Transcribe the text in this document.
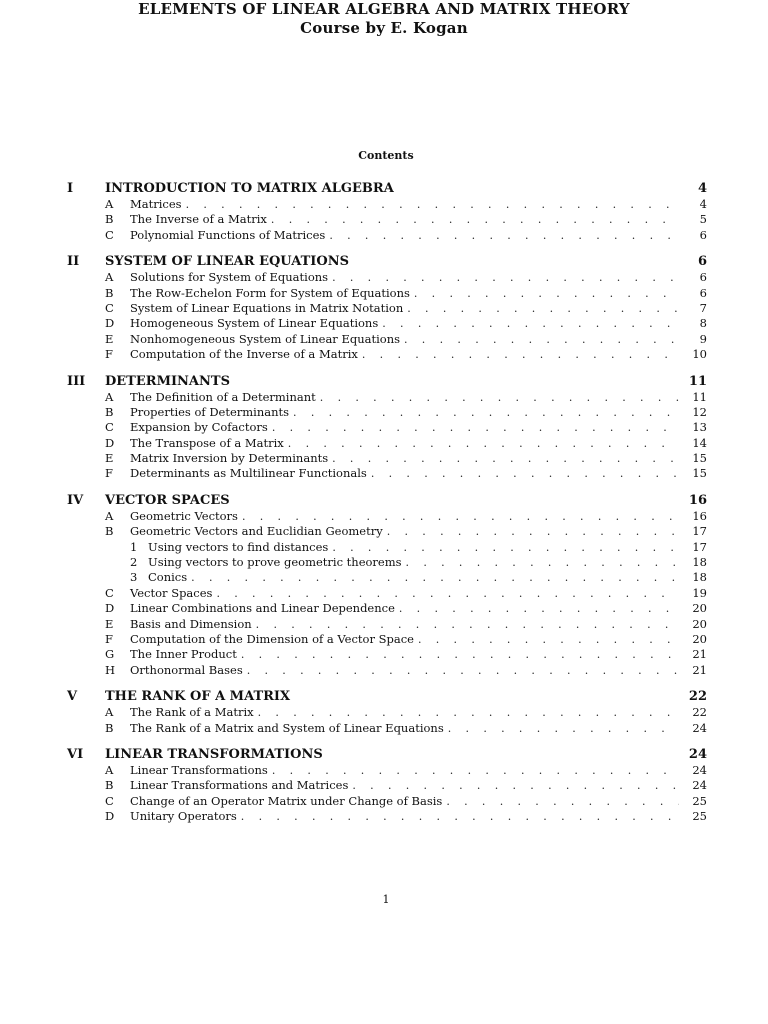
ELEMENTS OF LINEAR ALGEBRA AND MATRIX THEORY
Course by E. Kogan
Contents
I	INTRODUCTION TO MATRIX ALGEBRA	4
A	Matrices . . .	4
B	The Inverse of a Matrix . . .	5
C	Polynomial Functions of Matrices . . .	6
II	SYSTEM OF LINEAR EQUATIONS	6
A	Solutions for System of Equations . . .	6
B	The Row-Echelon Form for System of Equations . . .	6
C	System of Linear Equations in Matrix Notation . . .	7
D	Homogeneous System of Linear Equations . . .	8
E	Nonhomogeneous System of Linear Equations . . .	9
F	Computation of the Inverse of a Matrix . . .	10
III	DETERMINANTS	11
A	The Definition of a Determinant . . .	11
B	Properties of Determinants . . .	12
C	Expansion by Cofactors . . .	13
D	The Transpose of a Matrix . . .	14
E	Matrix Inversion by Determinants . . .	15
F	Determinants as Multilinear Functionals . . .	15
IV	VECTOR SPACES	16
A	Geometric Vectors . . .	16
B	Geometric Vectors and Euclidian Geometry . . .	17
1 Using vectors to find distances . . .	17
2 Using vectors to prove geometric theorems . . .	18
3 Conics . . .	18
C	Vector Spaces . . .	19
D	Linear Combinations and Linear Dependence . . .	20
E	Basis and Dimension . . .	20
F	Computation of the Dimension of a Vector Space . . .	20
G	The Inner Product . . .	21
H	Orthonormal Bases . . .	21
V	THE RANK OF A MATRIX	22
A	The Rank of a Matrix . . .	22
B	The Rank of a Matrix and System of Linear Equations . . .	24
VI	LINEAR TRANSFORMATIONS	24
A	Linear Transformations . . .	24
B	Linear Transformations and Matrices . . .	24
C	Change of an Operator Matrix under Change of Basis . . .	25
D	Unitary Operators . . .	25
1
